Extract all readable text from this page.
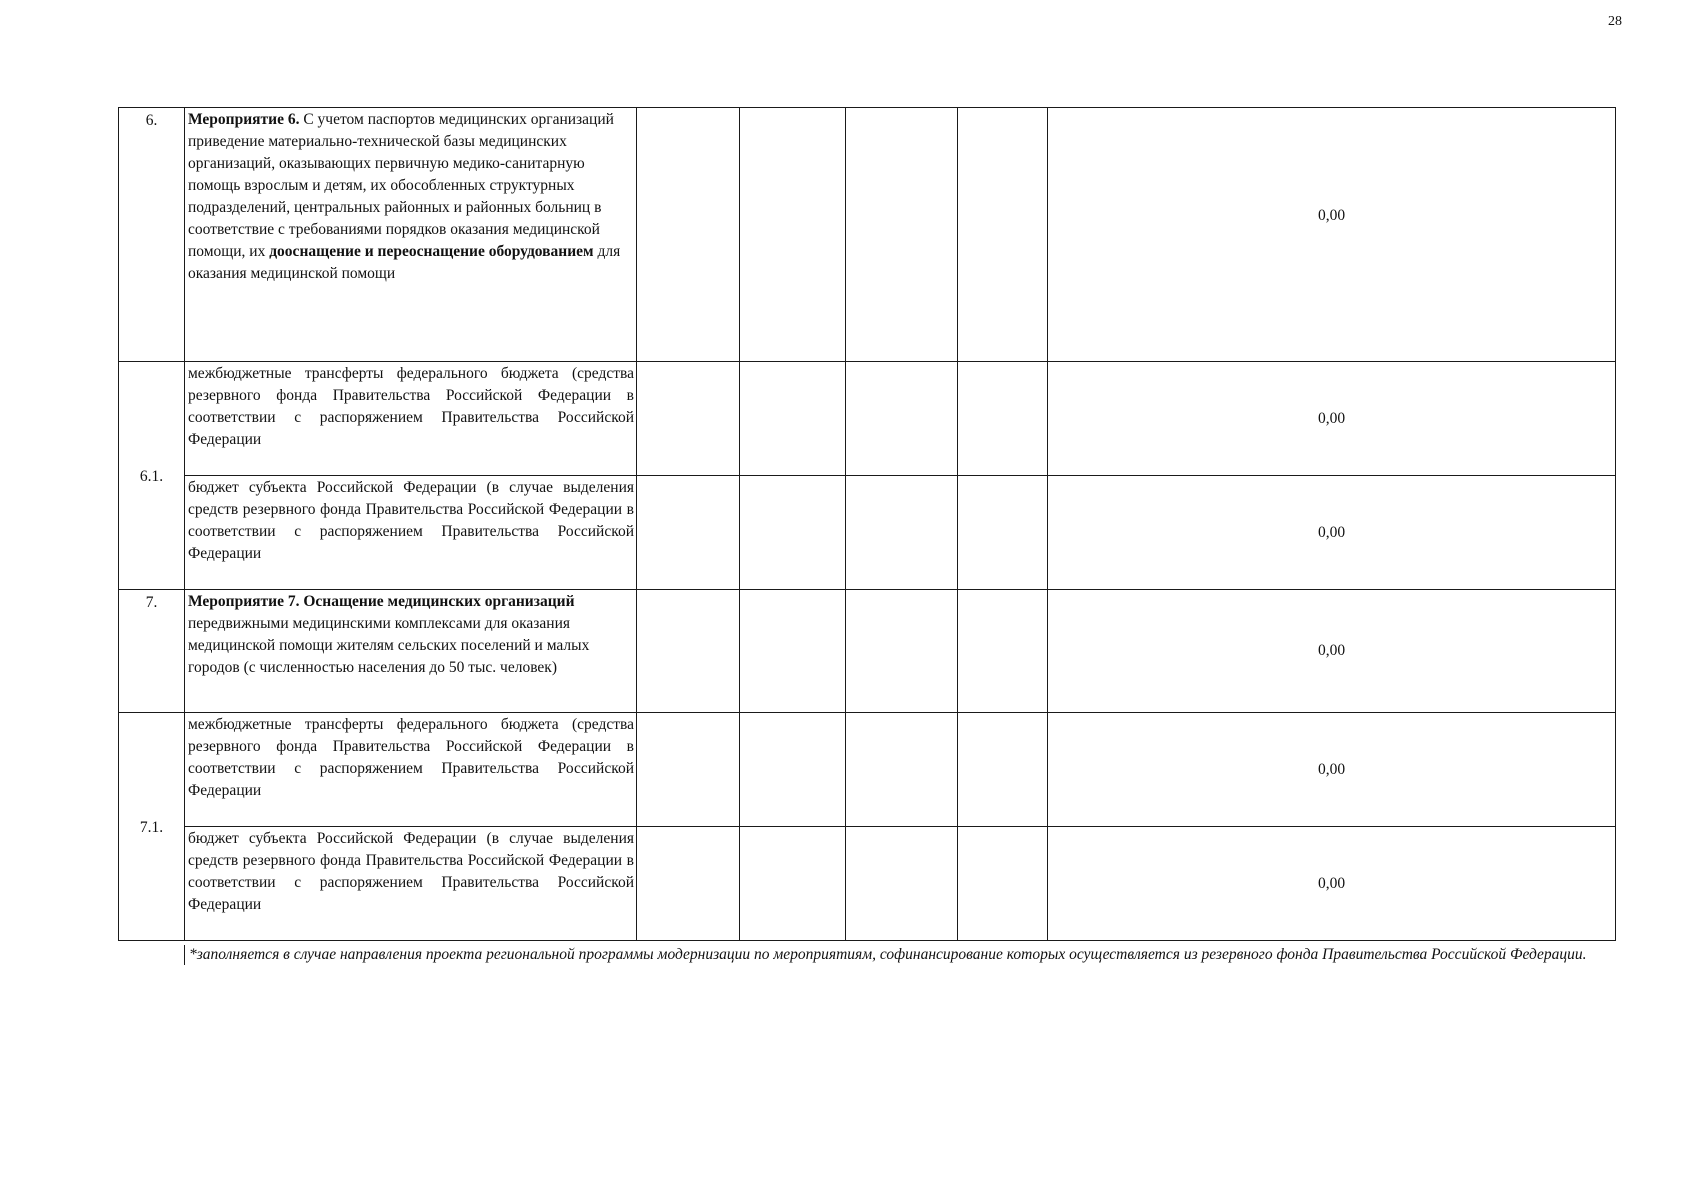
28
6.	Мероприятие 6. С учетом паспортов медицинских организаций приведение материально-технической базы медицинских организаций, оказывающих первичную медико-санитарную помощь взрослым и детям, их обособленных структурных подразделений, центральных районных и районных больниц в соответствие с требованиями порядков оказания медицинской помощи, их дооснащение и переоснащение оборудованием для оказания медицинской помощи					0,00
6.1.	межбюджетные трансферты федерального бюджета (средства резервного фонда Правительства Российской Федерации в соответствии с распоряжением Правительства Российской Федерации					0,00
	бюджет субъекта Российской Федерации (в случае выделения средств резервного фонда Правительства Российской Федерации в соответствии с распоряжением Правительства Российской Федерации					0,00
7.	Мероприятие 7. Оснащение медицинских организаций передвижными медицинскими комплексами для оказания медицинской помощи жителям сельских поселений и малых городов (с численностью населения до 50 тыс. человек)					0,00
7.1.	межбюджетные трансферты федерального бюджета (средства резервного фонда Правительства Российской Федерации в соответствии с распоряжением Правительства Российской Федерации					0,00
	бюджет субъекта Российской Федерации (в случае выделения средств резервного фонда Правительства Российской Федерации в соответствии с распоряжением Правительства Российской Федерации					0,00
*заполняется в случае направления проекта региональной программы модернизации по мероприятиям, софинансирование которых осуществляется из резервного фонда Правительства Российской Федерации.
